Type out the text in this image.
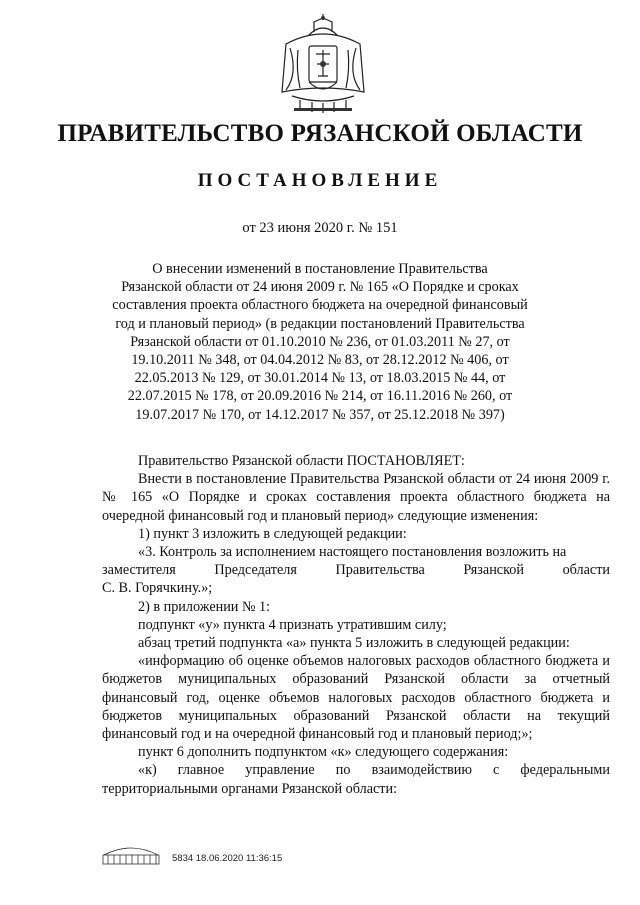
ПРАВИТЕЛЬСТВО РЯЗАНСКОЙ ОБЛАСТИ
ПОСТАНОВЛЕНИЕ
от 23 июня 2020 г. № 151
О внесении изменений в постановление Правительства
Рязанской области от 24 июня 2009 г. № 165 «О Порядке и сроках
составления проекта областного бюджета на очередной финансовый
год и плановый период» (в редакции постановлений Правительства
Рязанской области от 01.10.2010 № 236, от 01.03.2011 № 27, от
19.10.2011 № 348, от 04.04.2012 № 83, от 28.12.2012 № 406, от
22.05.2013 № 129, от 30.01.2014 № 13, от 18.03.2015 № 44, от
22.07.2015 № 178, от 20.09.2016 № 214, от 16.11.2016 № 260, от
19.07.2017 № 170, от 14.12.2017 № 357, от 25.12.2018 № 397)

Правительство Рязанской области ПОСТАНОВЛЯЕТ:

Внести в постановление Правительства Рязанской области от 24 июня 2009 г. № 165 «О Порядке и сроках составления проекта областного бюджета на очередной финансовый год и плановый период» следующие изменения:

1) пункт 3 изложить в следующей редакции:

«3. Контроль за исполнением настоящего постановления возложить на
заместителя Председателя Правительства Рязанской области
С. В. Горячкину.»;

2) в приложении № 1:

подпункт «у» пункта 4 признать утратившим силу;

абзац третий подпункта «а» пункта 5 изложить в следующей редакции:

«информацию об оценке объемов налоговых расходов областного бюджета и бюджетов муниципальных образований Рязанской области за отчетный финансовый год, оценке объемов налоговых расходов областного бюджета и бюджетов муниципальных образований Рязанской области на текущий финансовый год и на очередной финансовый год и плановый период;»;

пункт 6 дополнить подпунктом «к» следующего содержания:

«к) главное управление по взаимодействию с федеральными территориальными органами Рязанской области:

5834 18.06.2020 11:36:15
